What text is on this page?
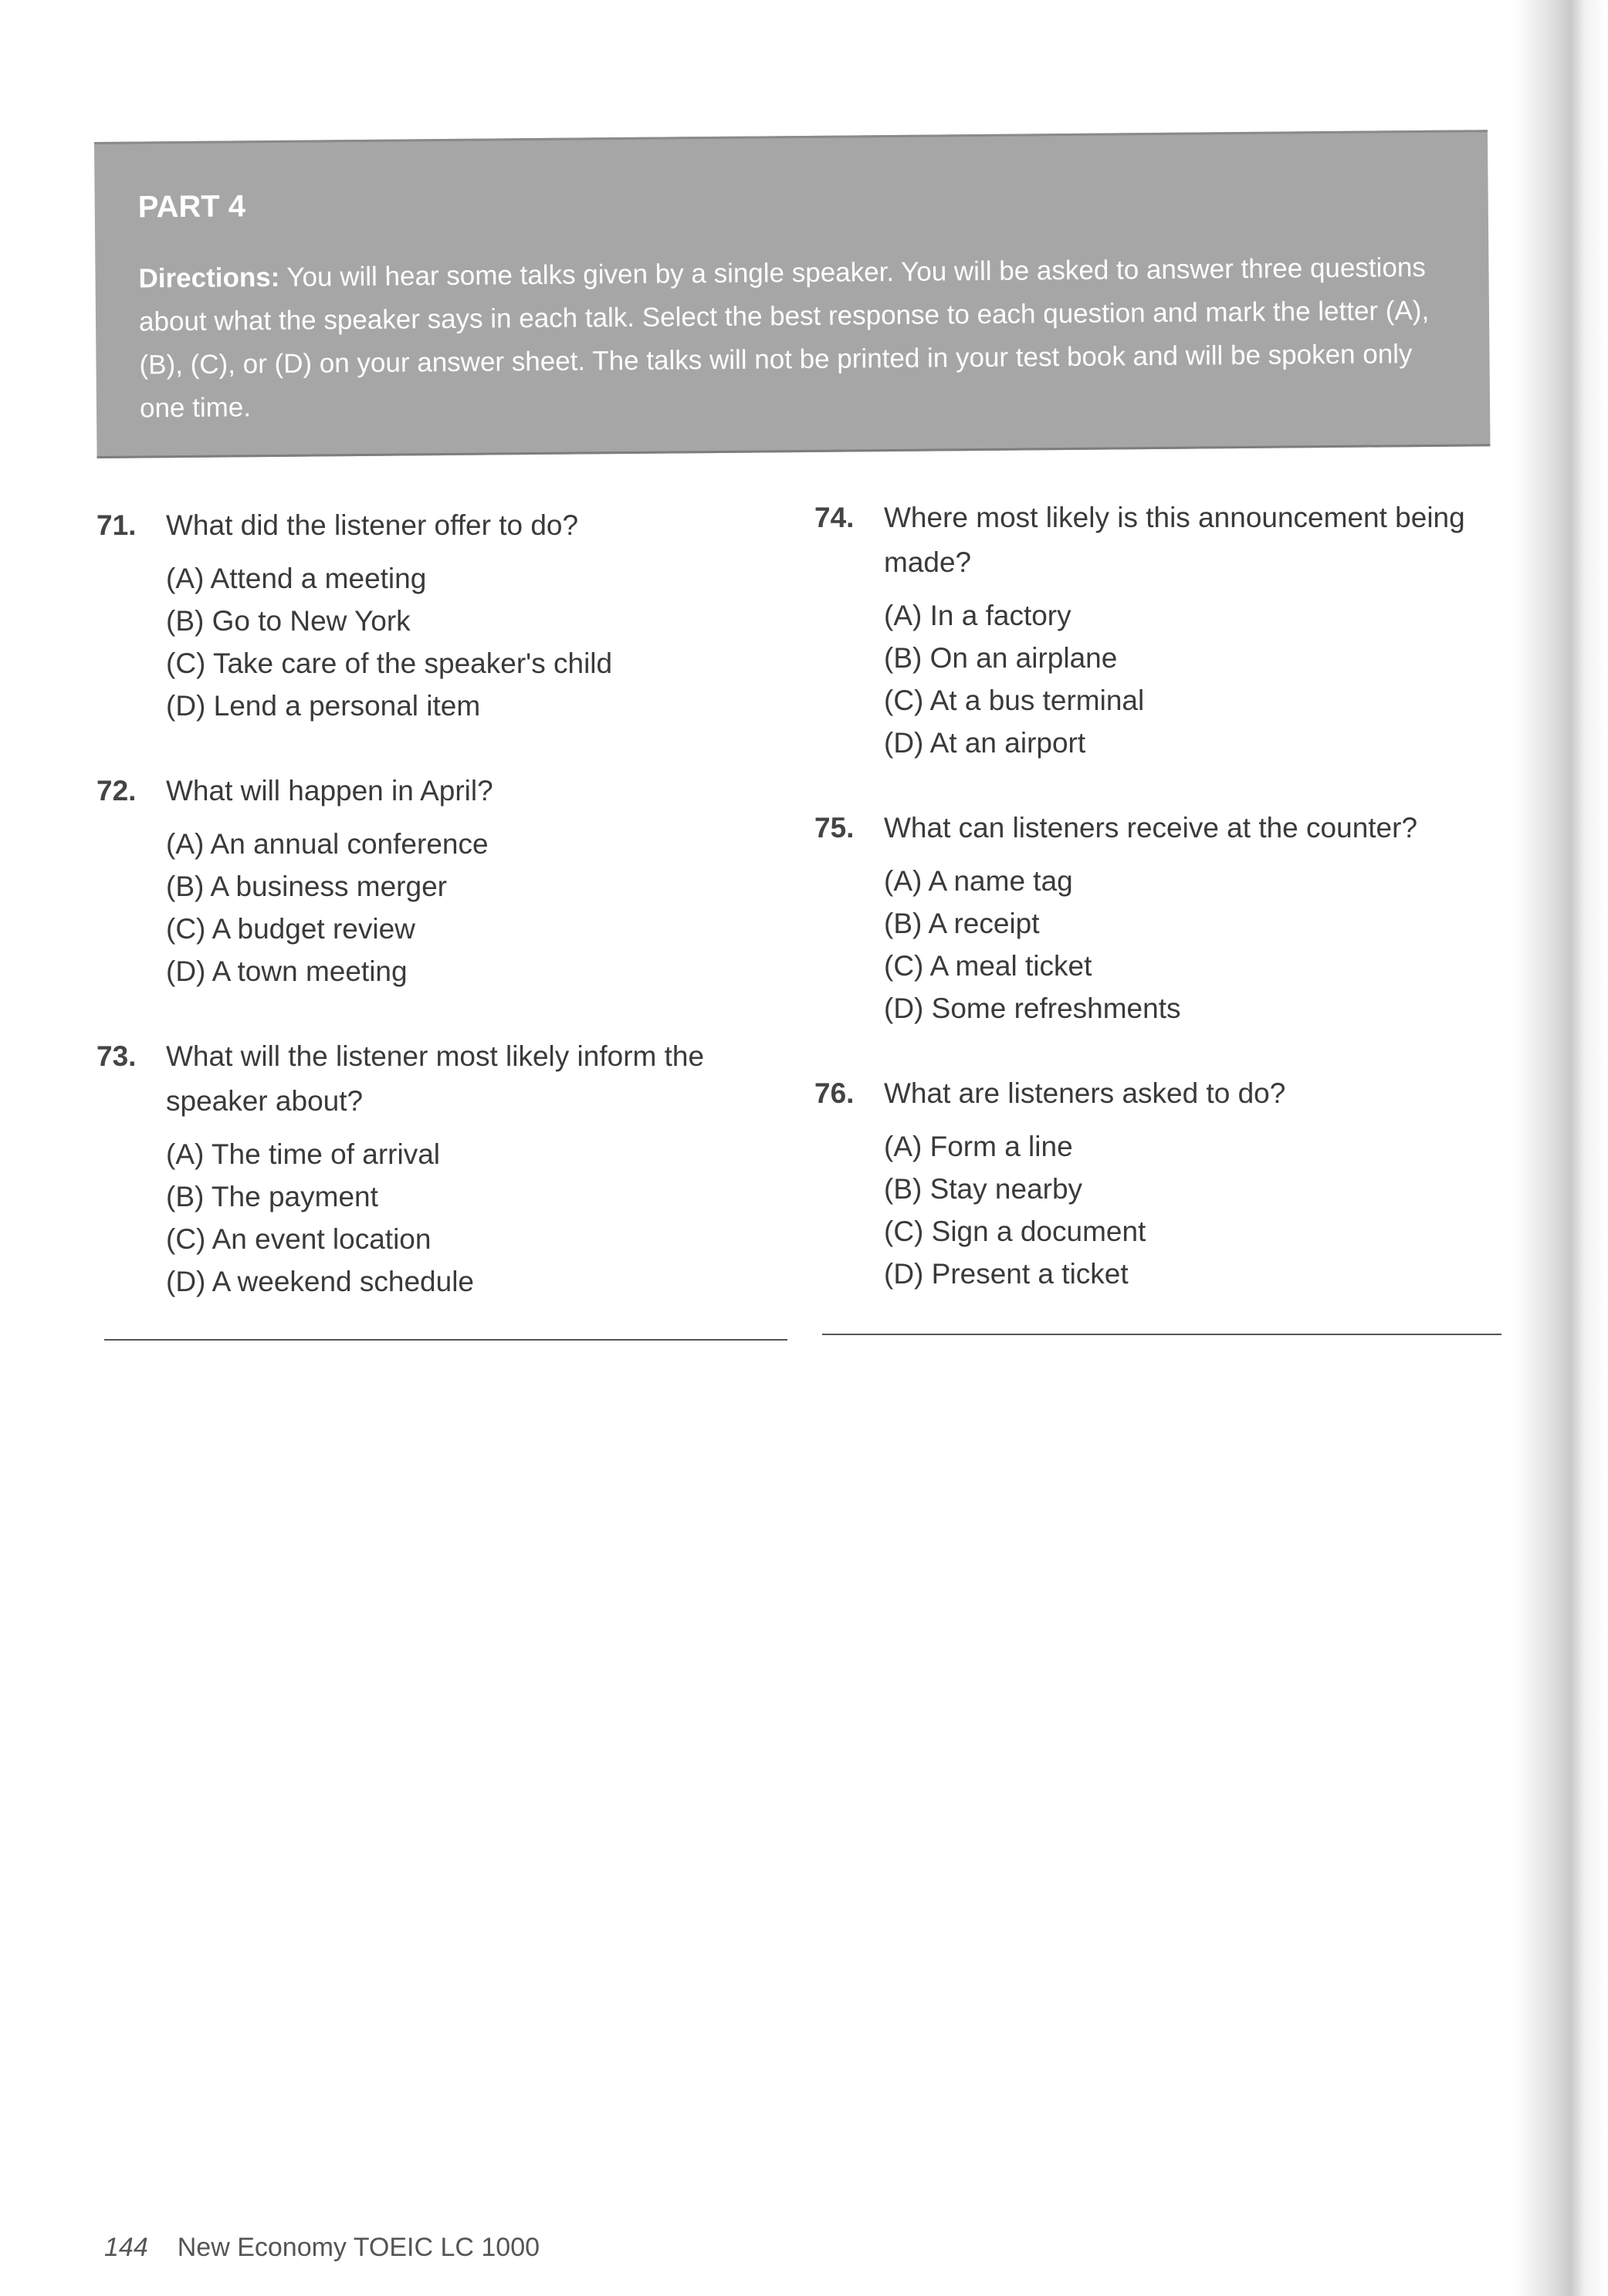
PART 4

Directions: You will hear some talks given by a single speaker. You will be asked to answer three questions about what the speaker says in each talk. Select the best response to each question and mark the letter (A), (B), (C), or (D) on your answer sheet. The talks will not be printed in your test book and will be spoken only one time.

71.	What did the listener offer to do?
(A) Attend a meeting
(B) Go to New York
(C) Take care of the speaker's child
(D) Lend a personal item
72.	What will happen in April?
(A) An annual conference
(B) A business merger
(C) A budget review
(D) A town meeting
73.	What will the listener most likely inform the speaker about?
(A) The time of arrival
(B) The payment
(C) An event location
(D) A weekend schedule
74.	Where most likely is this announcement being made?
(A) In a factory
(B) On an airplane
(C) At a bus terminal
(D) At an airport
75.	What can listeners receive at the counter?
(A) A name tag
(B) A receipt
(C) A meal ticket
(D) Some refreshments
76.	What are listeners asked to do?
(A) Form a line
(B) Stay nearby
(C) Sign a document
(D) Present a ticket
144 New Economy TOEIC LC 1000
